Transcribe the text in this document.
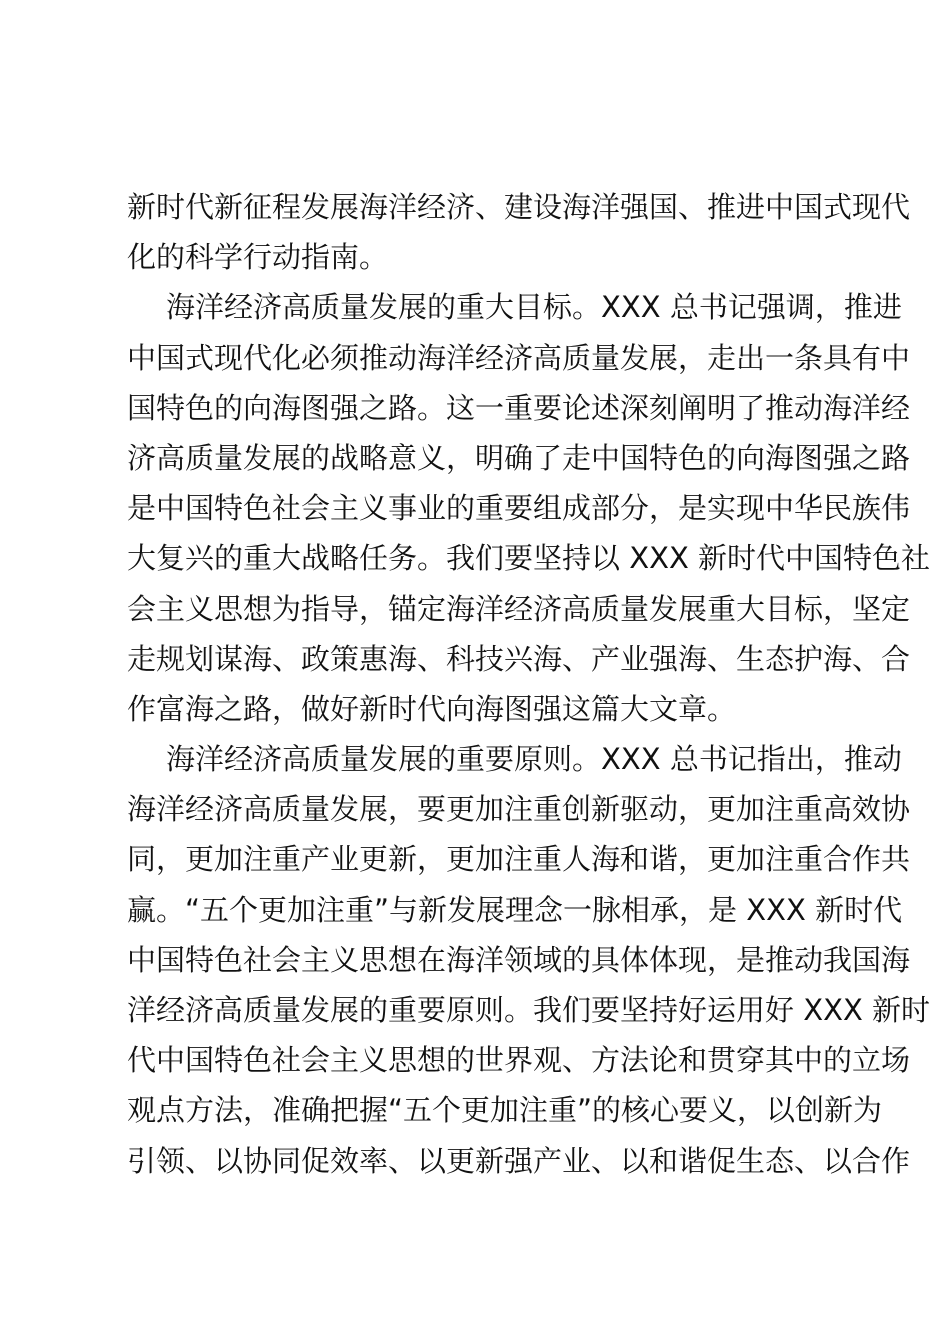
新时代新征程发展海洋经济、建设海洋强国、推进中国式现代
化的科学行动指南。
海洋经济高质量发展的重大目标。XXX 总书记强调，推进
中国式现代化必须推动海洋经济高质量发展，走出一条具有中
国特色的向海图强之路。这一重要论述深刻阐明了推动海洋经
济高质量发展的战略意义，明确了走中国特色的向海图强之路
是中国特色社会主义事业的重要组成部分，是实现中华民族伟
大复兴的重大战略任务。我们要坚持以 XXX 新时代中国特色社
会主义思想为指导，锚定海洋经济高质量发展重大目标，坚定
走规划谋海、政策惠海、科技兴海、产业强海、生态护海、合
作富海之路，做好新时代向海图强这篇大文章。
海洋经济高质量发展的重要原则。XXX 总书记指出，推动
海洋经济高质量发展，要更加注重创新驱动，更加注重高效协
同，更加注重产业更新，更加注重人海和谐，更加注重合作共
赢。“五个更加注重”与新发展理念一脉相承，是 XXX 新时代
中国特色社会主义思想在海洋领域的具体体现，是推动我国海
洋经济高质量发展的重要原则。我们要坚持好运用好 XXX 新时
代中国特色社会主义思想的世界观、方法论和贯穿其中的立场
观点方法，准确把握“五个更加注重”的核心要义，以创新为
引领、以协同促效率、以更新强产业、以和谐促生态、以合作
